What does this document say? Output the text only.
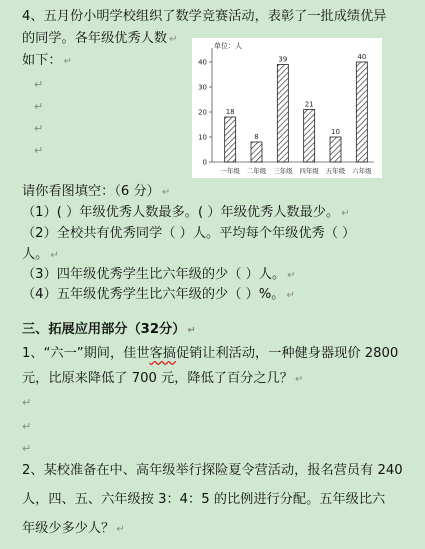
4、五月份小明学校组织了数学竞赛活动，表彰了一批成绩优异
的同学。各年级优秀人数 ↵
如下： ↵
↵
↵
↵
↵
单位：人
0
10
20
30
40
18
一年级
8
二年级
39
三年级
21
四年级
10
五年级
40
六年级
请你看图填空：（6 分） ↵
（1）( ）年级优秀人数最多。( ）年级优秀人数最少。 ↵
（2）全校共有优秀同学（ ）人。平均每个年级优秀（ ）
人。 ↵
（3）四年级优秀学生比六年级的少（ ）人。 ↵
（4）五年级优秀学生比六年级的少（ ）%。 ↵
三、拓展应用部分（32分） ↵
1、“六一”期间，佳世客搞促销让利活动，一种健身器现价 2800
元，比原来降低了 700 元，降低了百分之几？ ↵
↵
↵
↵
2、某校准备在中、高年级举行探险夏令营活动，报名营员有 240
人，四、五、六年级按 3：4：5 的比例进行分配。五年级比六
年级少多少人？ ↵
